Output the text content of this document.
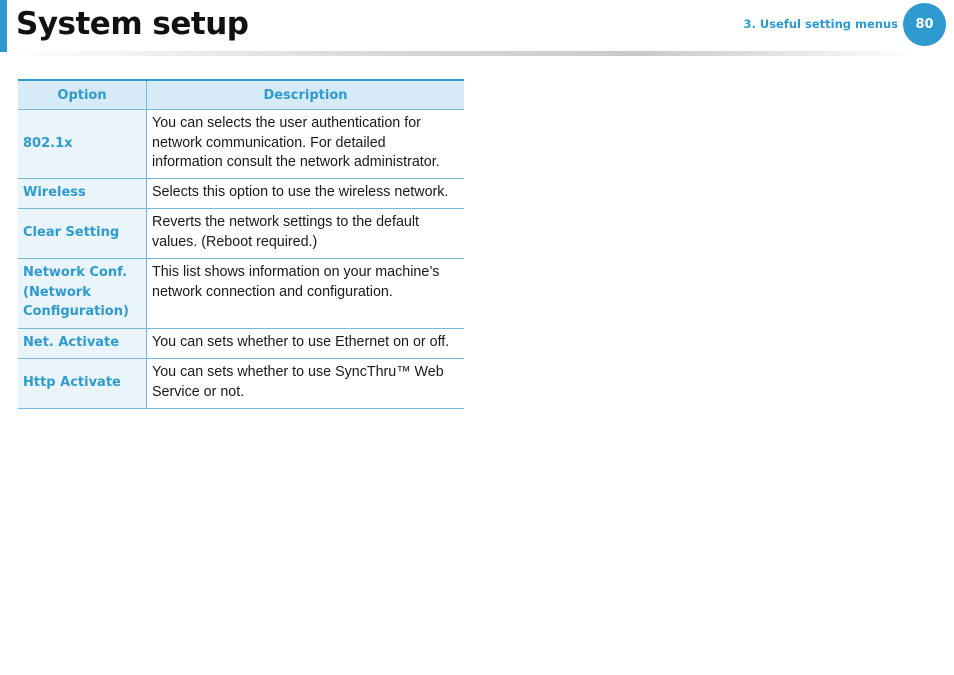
System setup	3. Useful setting menus	80
Option	Description
802.1x	You can selects the user authentication for network communication. For detailed information consult the network administrator.
Wireless	Selects this option to use the wireless network.
Clear Setting	Reverts the network settings to the default values. (Reboot required.)
Network Conf. (Network Configuration)	This list shows information on your machine’s network connection and configuration.
Net. Activate	You can sets whether to use Ethernet on or off.
Http Activate	You can sets whether to use SyncThru™ Web Service or not.
